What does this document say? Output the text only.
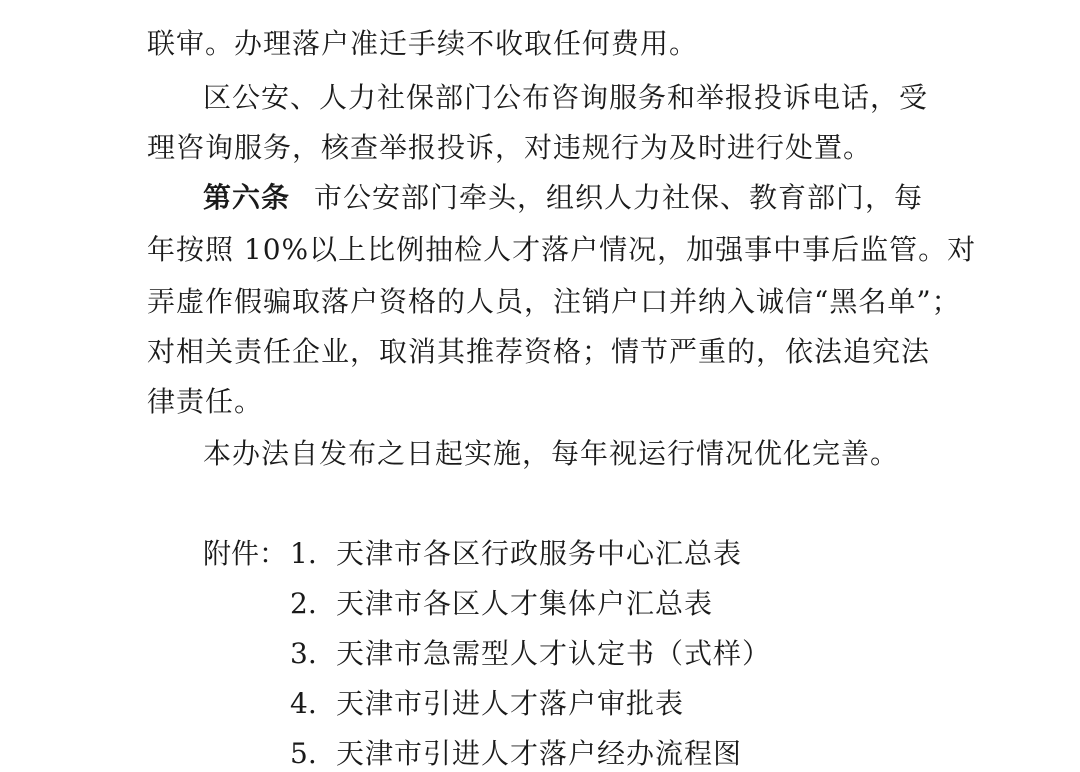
联审。办理落户准迁手续不收取任何费用。
区公安、人力社保部门公布咨询服务和举报投诉电话，受
理咨询服务，核查举报投诉，对违规行为及时进行处置。
第六条 市公安部门牵头，组织人力社保、教育部门，每
年按照 10%以上比例抽检人才落户情况，加强事中事后监管。对
弄虚作假骗取落户资格的人员，注销户口并纳入诚信“黑名单”；
对相关责任企业，取消其推荐资格；情节严重的，依法追究法
律责任。
本办法自发布之日起实施，每年视运行情况优化完善。
附件： 1. 天津市各区行政服务中心汇总表
2. 天津市各区人才集体户汇总表
3. 天津市急需型人才认定书（式样）
4. 天津市引进人才落户审批表
5. 天津市引进人才落户经办流程图
